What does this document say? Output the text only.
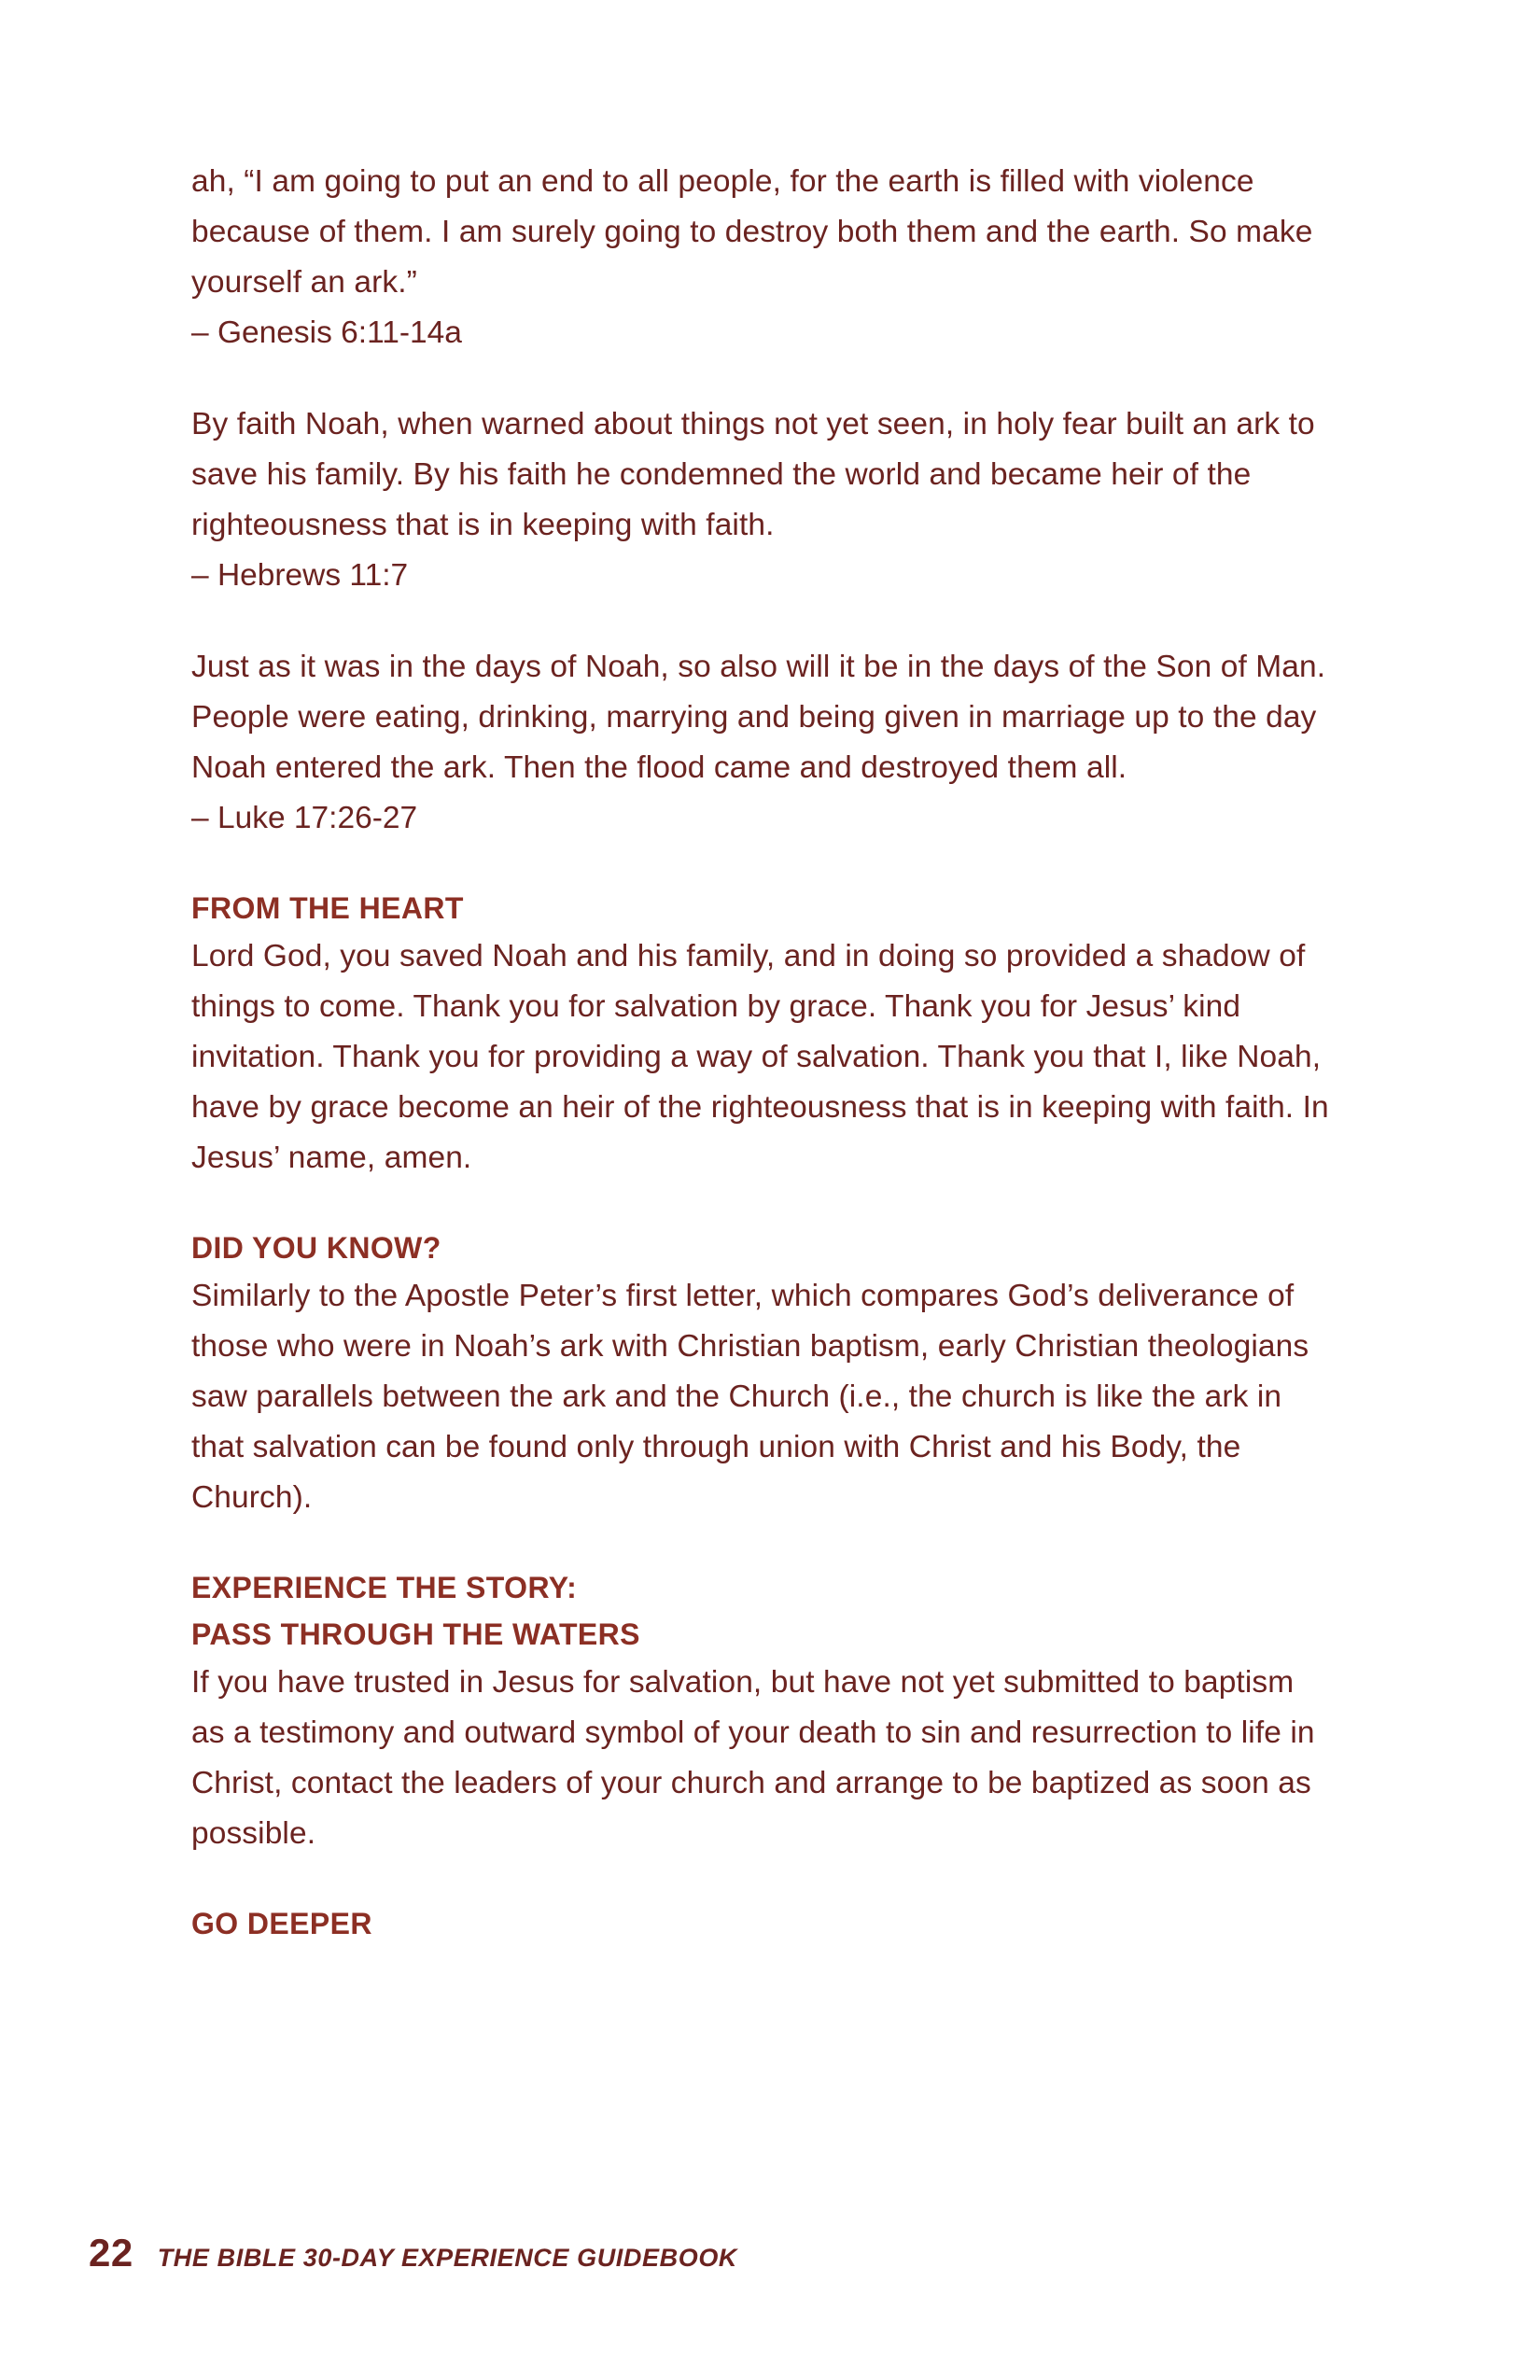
ah, “I am going to put an end to all people, for the earth is filled with violence because of them. I am surely going to destroy both them and the earth. So make yourself an ark.”

– Genesis 6:11-14a

By faith Noah, when warned about things not yet seen, in holy fear built an ark to save his family. By his faith he condemned the world and became heir of the righteousness that is in keeping with faith.

– Hebrews 11:7

Just as it was in the days of Noah, so also will it be in the days of the Son of Man. People were eating, drinking, marrying and being given in marriage up to the day Noah entered the ark. Then the flood came and destroyed them all.

– Luke 17:26-27

FROM THE HEART

Lord God, you saved Noah and his family, and in doing so provided a shadow of things to come. Thank you for salvation by grace. Thank you for Jesus’ kind invitation. Thank you for providing a way of salvation. Thank you that I, like Noah, have by grace become an heir of the righteousness that is in keeping with faith. In Jesus’ name, amen.

DID YOU KNOW?

Similarly to the Apostle Peter’s first letter, which compares God’s deliverance of those who were in Noah’s ark with Christian baptism, early Christian theologians saw parallels between the ark and the Church (i.e., the church is like the ark in that salvation can be found only through union with Christ and his Body, the Church).

EXPERIENCE THE STORY:
PASS THROUGH THE WATERS

If you have trusted in Jesus for salvation, but have not yet submitted to baptism as a testimony and outward symbol of your death to sin and resurrection to life in Christ, contact the leaders of your church and arrange to be baptized as soon as possible.

GO DEEPER
22 THE BIBLE 30-DAY EXPERIENCE GUIDEBOOK
